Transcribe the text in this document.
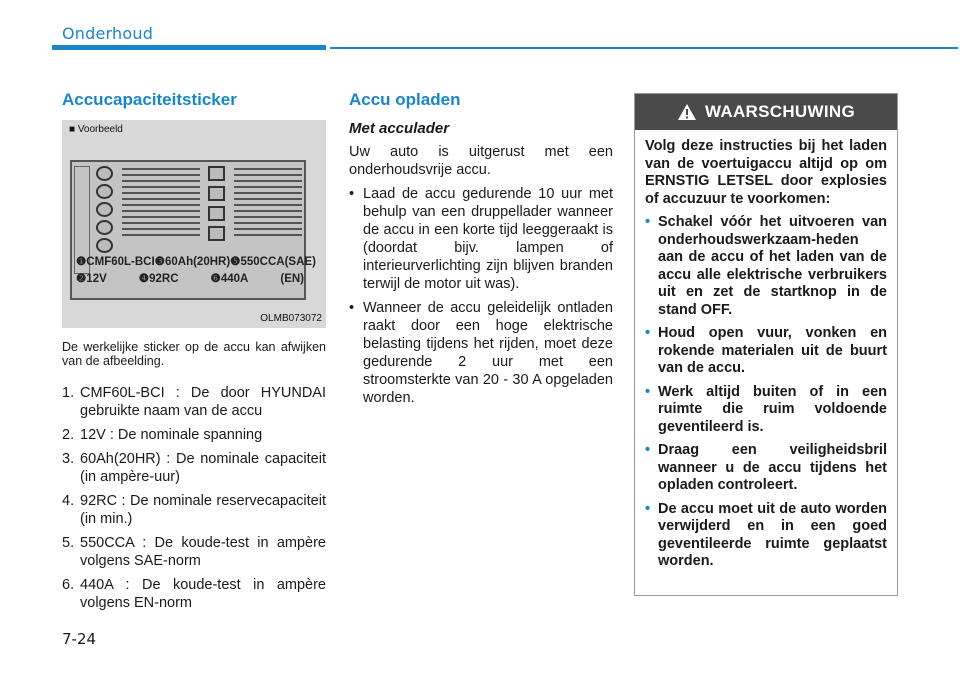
Onderhoud
Accucapaciteitsticker
■ Voorbeeld
❶CMF60L-BCI ❸60Ah(20HR) ❺550CCA (SAE)
❷12V	❹92RC	❻440A	(EN)
OLMB073072

De werkelijke sticker op de accu kan afwijken van de afbeelding.

1. CMF60L-BCI : De door HYUNDAI gebruikte naam van de accu
2. 12V : De nominale spanning
3. 60Ah(20HR) : De nominale capaciteit (in ampère-uur)
4. 92RC : De nominale reservecapaciteit (in min.)
5. 550CCA : De koude-test in ampère volgens SAE-norm
6. 440A : De koude-test in ampère volgens EN-norm
Accu opladen
Met acculader

Uw auto is uitgerust met een onderhoudsvrije accu.

• Laad de accu gedurende 10 uur met behulp van een druppellader wanneer de accu in een korte tijd leeggeraakt is (doordat bijv. lampen of interieurverlichting zijn blijven branden terwijl de motor uit was).
• Wanneer de accu geleidelijk ontladen raakt door een hoge elektrische belasting tijdens het rijden, moet deze gedurende 2 uur met een stroomsterkte van 20 - 30 A opgeladen worden.
WAARSCHUWING

Volg deze instructies bij het laden van de voertuigaccu altijd op om ERNSTIG LETSEL door explosies of accuzuur te voorkomen:

• Schakel vóór het uitvoeren van onderhoudswerkzaam-heden aan de accu of het laden van de accu alle elektrische verbruikers uit en zet de startknop in de stand OFF.
• Houd open vuur, vonken en rokende materialen uit de buurt van de accu.
• Werk altijd buiten of in een ruimte die ruim voldoende geventileerd is.
• Draag een veiligheidsbril wanneer u de accu tijdens het opladen controleert.
• De accu moet uit de auto worden verwijderd en in een goed geventileerde ruimte geplaatst worden.
7-24
